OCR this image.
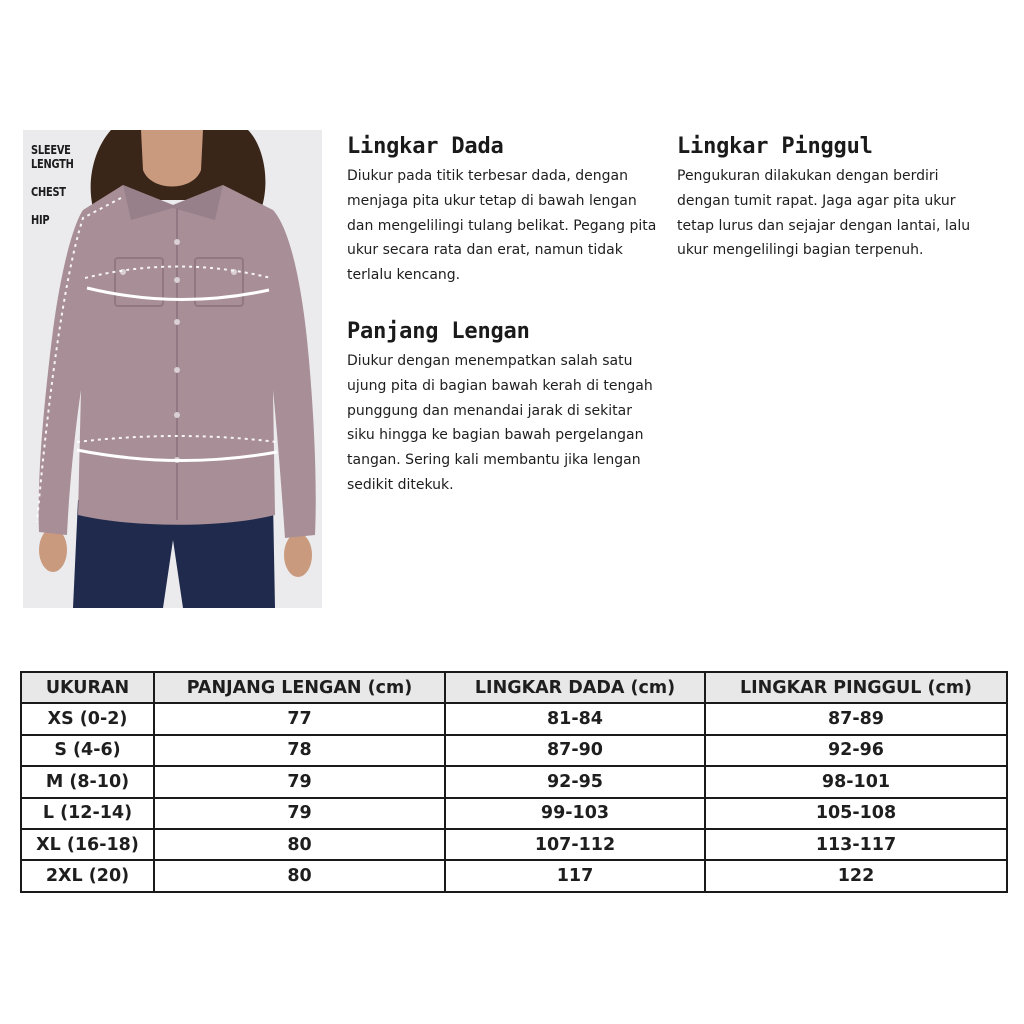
SLEEVE LENGTH
CHEST
HIP
Lingkar Dada

Diukur pada titik terbesar dada, dengan menjaga pita ukur tetap di bawah lengan dan mengelilingi tulang belikat. Pegang pita ukur secara rata dan erat, namun tidak terlalu kencang.

Lingkar Pinggul

Pengukuran dilakukan dengan berdiri dengan tumit rapat. Jaga agar pita ukur tetap lurus dan sejajar dengan lantai, lalu ukur mengelilingi bagian terpenuh.

Panjang Lengan

Diukur dengan menempatkan salah satu ujung pita di bagian bawah kerah di tengah punggung dan menandai jarak di sekitar siku hingga ke bagian bawah pergelangan tangan. Sering kali membantu jika lengan sedikit ditekuk.

UKURAN	PANJANG LENGAN (cm)	LINGKAR DADA (cm)	LINGKAR PINGGUL (cm)
XS (0-2)	77	81-84	87-89
S (4-6)	78	87-90	92-96
M (8-10)	79	92-95	98-101
L (12-14)	79	99-103	105-108
XL (16-18)	80	107-112	113-117
2XL (20)	80	117	122
